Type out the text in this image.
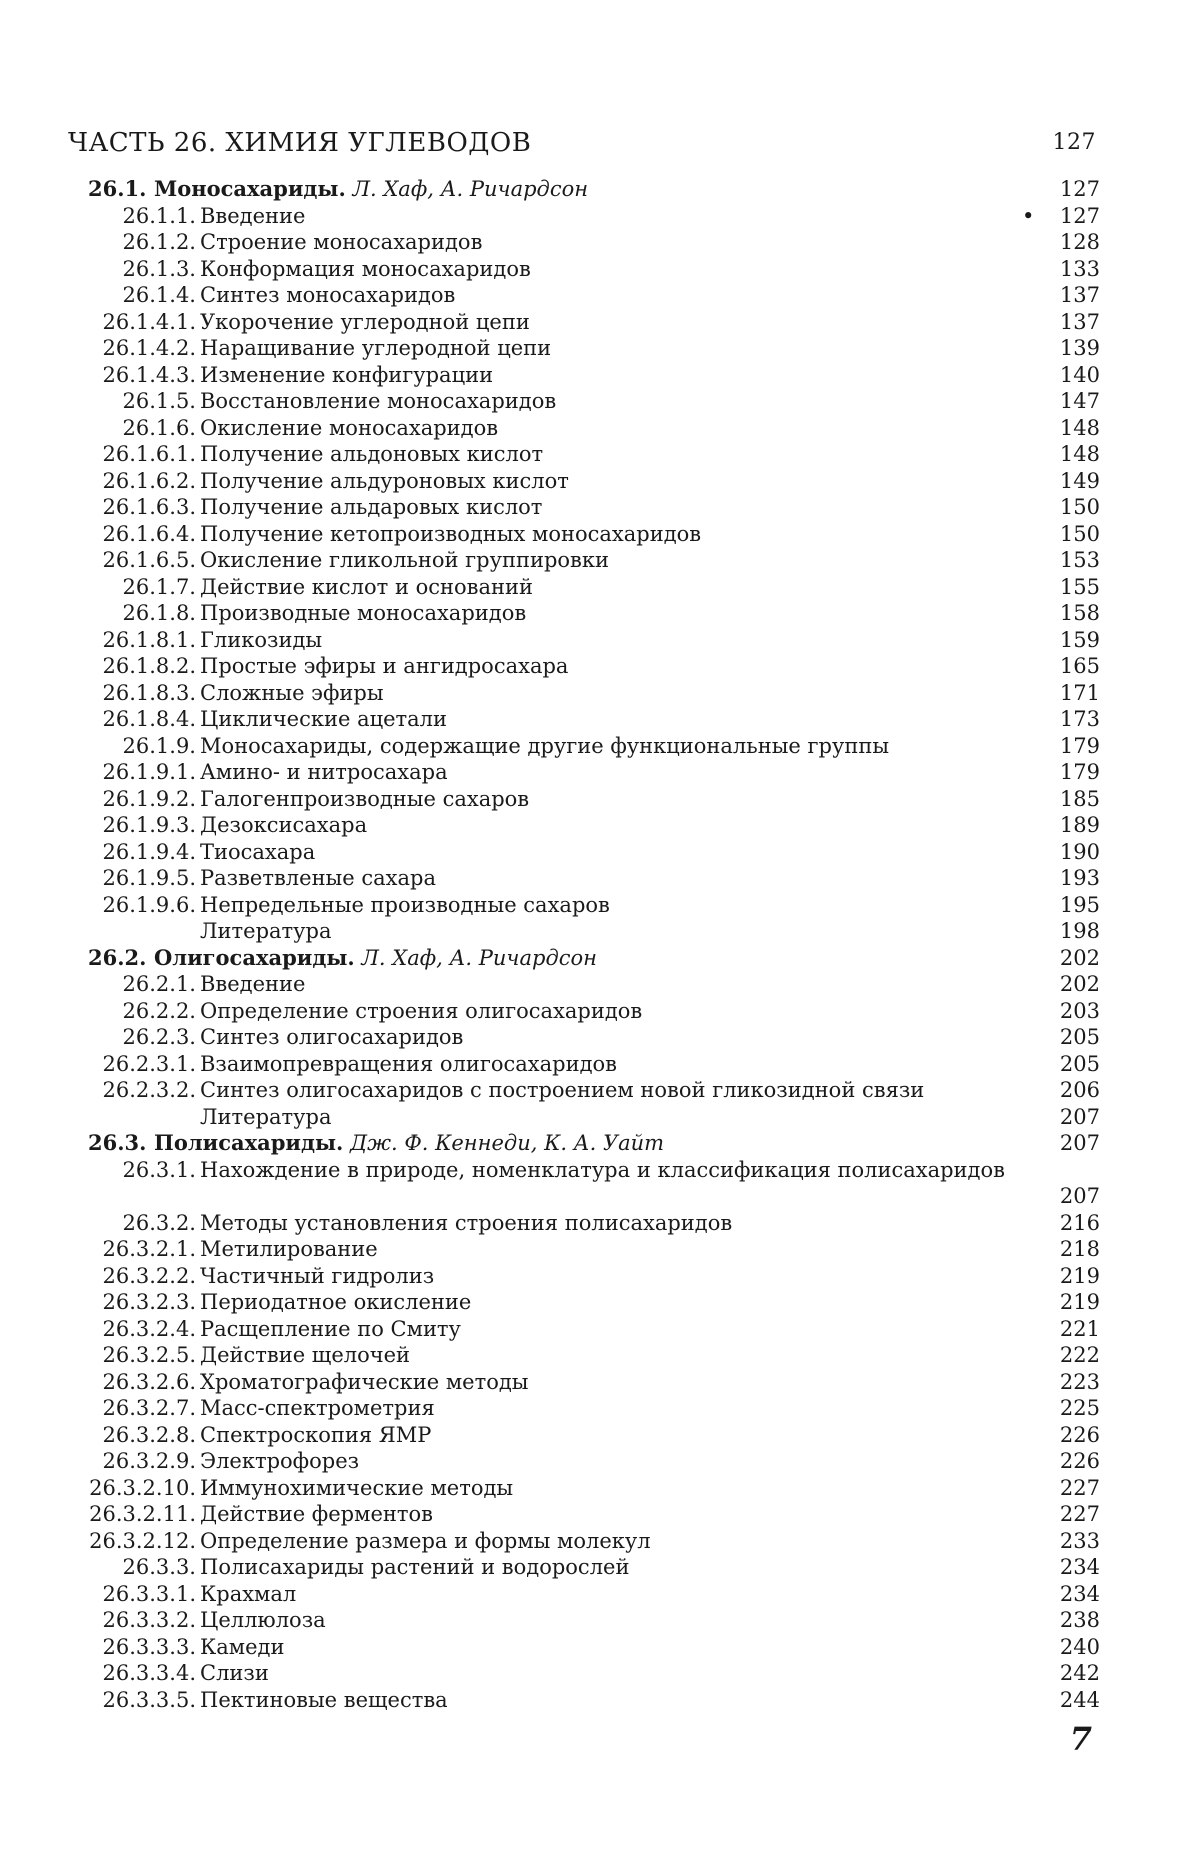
ЧАСТЬ 26. ХИМИЯ УГЛЕВОДОВ	127
26.1. Моносахариды. Л. Хаф, А. Ричардсон	127
26.1.1. Введение	127
•
26.1.2. Строение моносахаридов	128
26.1.3. Конформация моносахаридов	133
26.1.4. Синтез моносахаридов	137
26.1.4.1. Укорочение углеродной цепи	137
26.1.4.2. Наращивание углеродной цепи	139
26.1.4.3. Изменение конфигурации	140
26.1.5. Восстановление моносахаридов	147
26.1.6. Окисление моносахаридов	148
26.1.6.1. Получение альдоновых кислот	148
26.1.6.2. Получение альдуроновых кислот	149
26.1.6.3. Получение альдаровых кислот	150
26.1.6.4. Получение кетопроизводных моносахаридов	150
26.1.6.5. Окисление гликольной группировки	153
26.1.7. Действие кислот и оснований	155
26.1.8. Производные моносахаридов	158
26.1.8.1. Гликозиды	159
26.1.8.2. Простые эфиры и ангидросахара	165
26.1.8.3. Сложные эфиры	171
26.1.8.4. Циклические ацетали	173
26.1.9. Моносахариды, содержащие другие функциональные группы	179
26.1.9.1. Амино- и нитросахара	179
26.1.9.2. Галогенпроизводные сахаров	185
26.1.9.3. Дезоксисахара	189
26.1.9.4. Тиосахара	190
26.1.9.5. Разветвленые сахара	193
26.1.9.6. Непредельные производные сахаров	195
Литература	198
26.2. Олигосахариды. Л. Хаф, А. Ричардсон	202
26.2.1. Введение	202
26.2.2. Определение строения олигосахаридов	203
26.2.3. Синтез олигосахаридов	205
26.2.3.1. Взаимопревращения олигосахаридов	205
26.2.3.2. Синтез олигосахаридов с построением новой гликозидной связи	206
Литература	207
26.3. Полисахариды. Дж. Ф. Кеннеди, К. А. Уайт	207
26.3.1. Нахождение в природе, номенклатура и классификация полисахаридов
207
26.3.2. Методы установления строения полисахаридов	216
26.3.2.1. Метилирование	218
26.3.2.2. Частичный гидролиз	219
26.3.2.3. Периодатное окисление	219
26.3.2.4. Расщепление по Смиту	221
26.3.2.5. Действие щелочей	222
26.3.2.6. Хроматографические методы	223
26.3.2.7. Масс-спектрометрия	225
26.3.2.8. Спектроскопия ЯМР	226
26.3.2.9. Электрофорез	226
26.3.2.10. Иммунохимические методы	227
26.3.2.11. Действие ферментов	227
26.3.2.12. Определение размера и формы молекул	233
26.3.3. Полисахариды растений и водорослей	234
26.3.3.1. Крахмал	234
26.3.3.2. Целлюлоза	238
26.3.3.3. Камеди	240
26.3.3.4. Слизи	242
26.3.3.5. Пектиновые вещества	244
7
